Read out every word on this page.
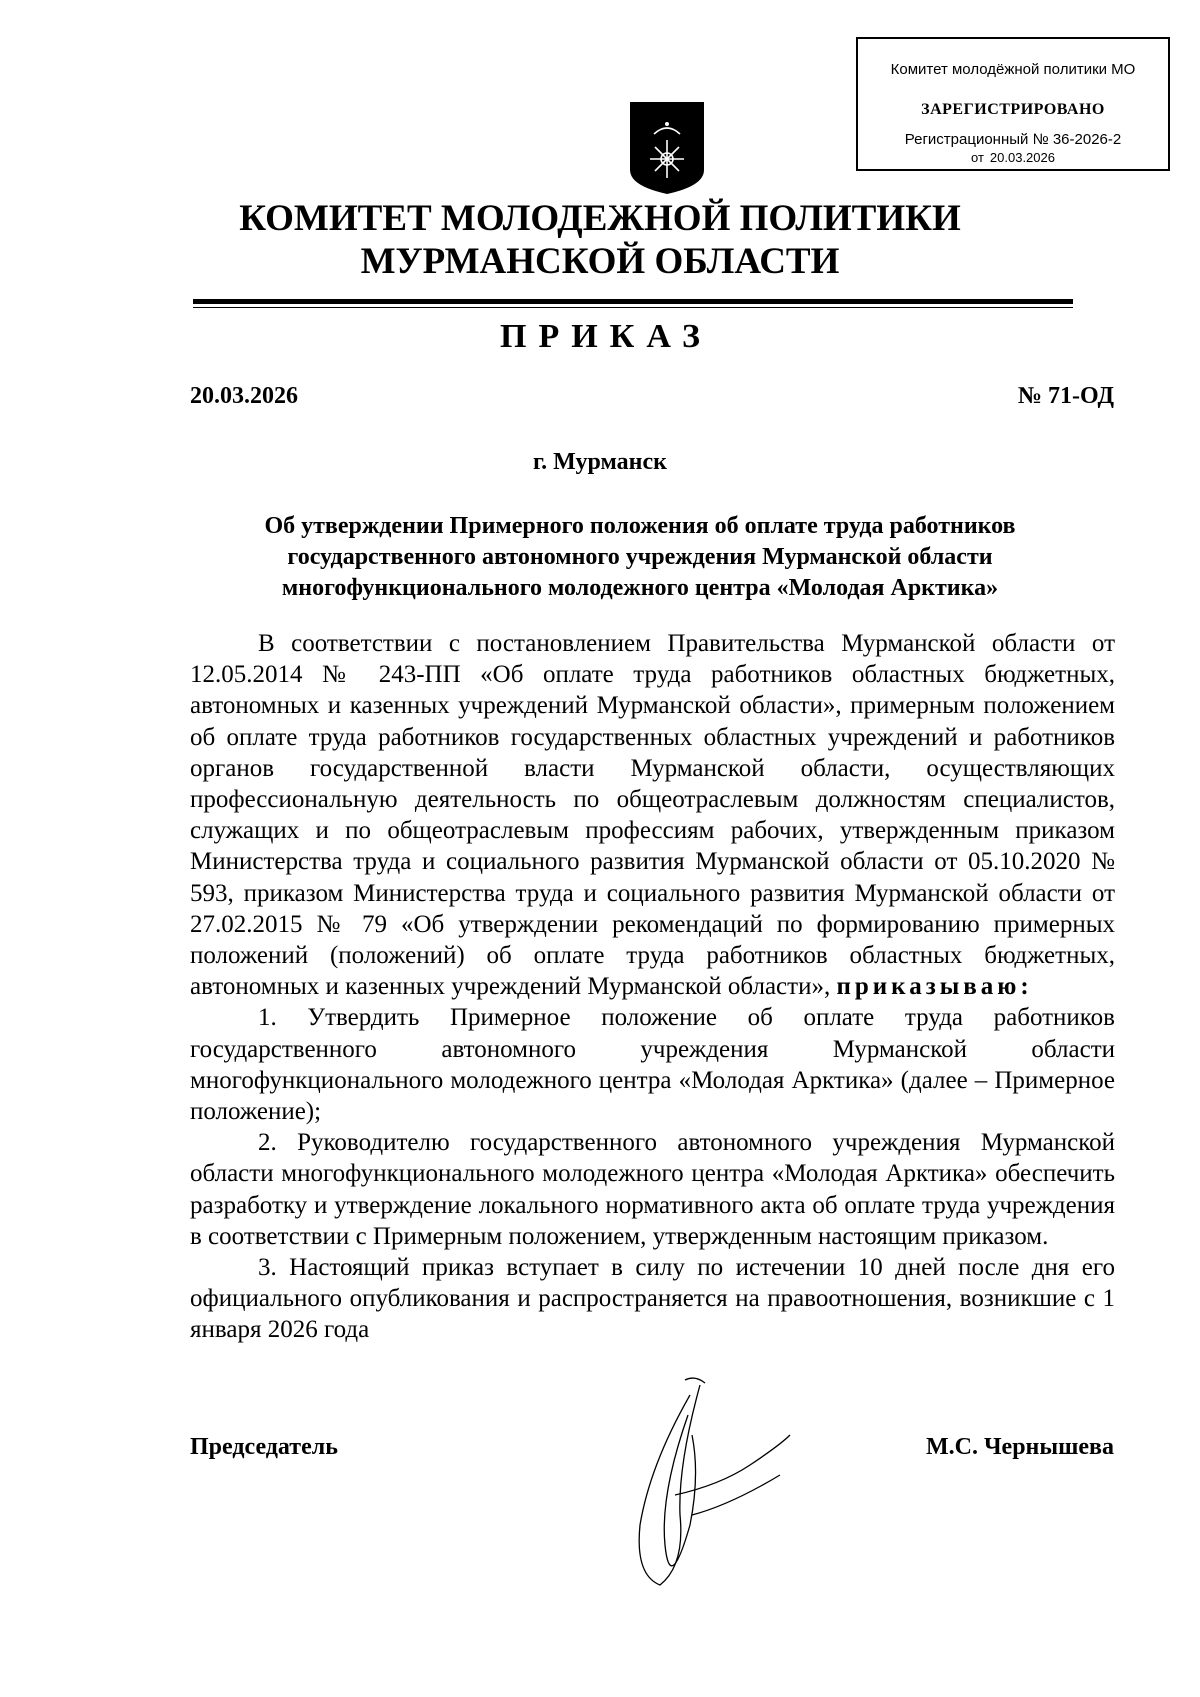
Комитет молодёжной политики МО
ЗАРЕГИСТРИРОВАНО
Регистрационный № 36-2026-2
от 20.03.2026
КОМИТЕТ МОЛОДЕЖНОЙ ПОЛИТИКИ
МУРМАНСКОЙ ОБЛАСТИ
ПРИКАЗ
20.03.2026	№ 71-ОД
г. Мурманск
Об утверждении Примерного положения об оплате труда работников
государственного автономного учреждения Мурманской области
многофункционального молодежного центра «Молодая Арктика»

В соответствии с постановлением Правительства Мурманской области от 12.05.2014 № 243-ПП «Об оплате труда работников областных бюджетных, автономных и казенных учреждений Мурманской области», примерным положением об оплате труда работников государственных областных учреждений и работников органов государственной власти Мурманской области, осуществляющих профессиональную деятельность по общеотраслевым должностям специалистов, служащих и по общеотраслевым профессиям рабочих, утвержденным приказом Министерства труда и социального развития Мурманской области от 05.10.2020 № 593, приказом Министерства труда и социального развития Мурманской области от 27.02.2015 № 79 «Об утверждении рекомендаций по формированию примерных положений (положений) об оплате труда работников областных бюджетных, автономных и казенных учреждений Мурманской области», приказываю:

1. Утвердить Примерное положение об оплате труда работников государственного автономного учреждения Мурманской области многофункционального молодежного центра «Молодая Арктика» (далее – Примерное положение);

2. Руководителю государственного автономного учреждения Мурманской области многофункционального молодежного центра «Молодая Арктика» обеспечить разработку и утверждение локального нормативного акта об оплате труда учреждения в соответствии с Примерным положением, утвержденным настоящим приказом.

3. Настоящий приказ вступает в силу по истечении 10 дней после дня его официального опубликования и распространяется на правоотношения, возникшие с 1 января 2026 года

Председатель	М.С. Чернышева
